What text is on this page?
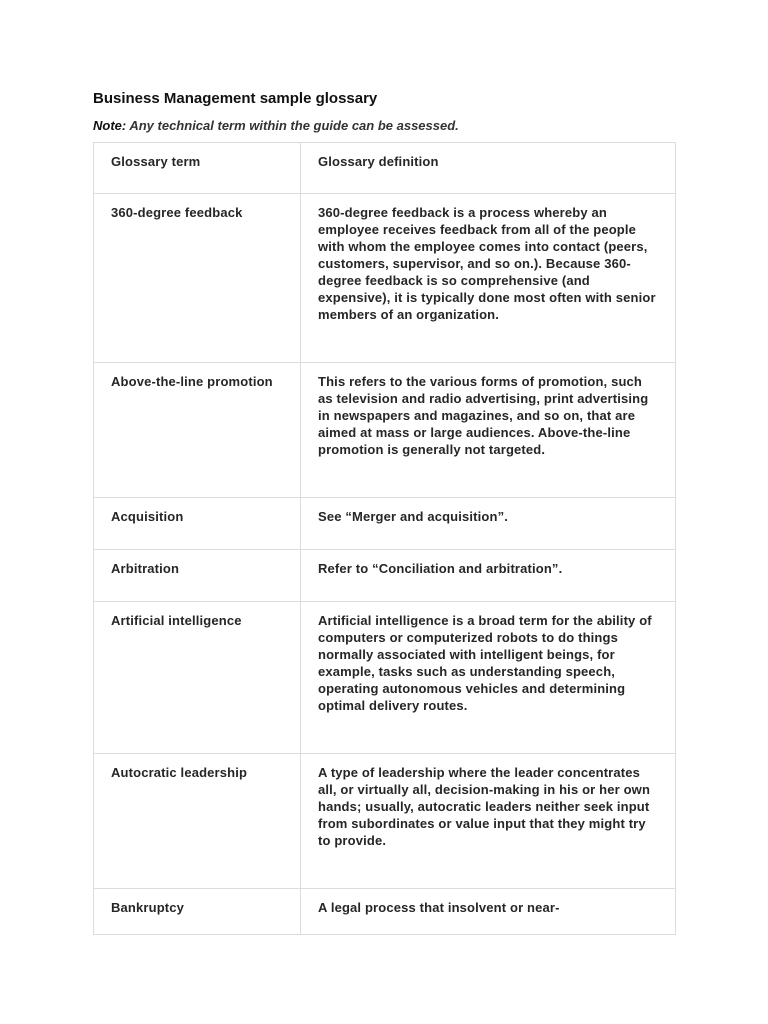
Business Management sample glossary

Note: Any technical term within the guide can be assessed.

Glossary term	Glossary definition
360-degree feedback	360-degree feedback is a process whereby an employee receives feedback from all of the people with whom the employee comes into contact (peers, customers, supervisor, and so on.). Because 360-degree feedback is so comprehensive (and expensive), it is typically done most often with senior members of an organization.
Above-the-line promotion	This refers to the various forms of promotion, such as television and radio advertising, print advertising in newspapers and magazines, and so on, that are aimed at mass or large audiences. Above-the-line promotion is generally not targeted.
Acquisition	See “Merger and acquisition”.
Arbitration	Refer to “Conciliation and arbitration”.
Artificial intelligence	Artificial intelligence is a broad term for the ability of computers or computerized robots to do things normally associated with intelligent beings, for example, tasks such as understanding speech, operating autonomous vehicles and determining optimal delivery routes.
Autocratic leadership	A type of leadership where the leader concentrates all, or virtually all, decision-making in his or her own hands; usually, autocratic leaders neither seek input from subordinates or value input that they might try to provide.
Bankruptcy	A legal process that insolvent or near-
